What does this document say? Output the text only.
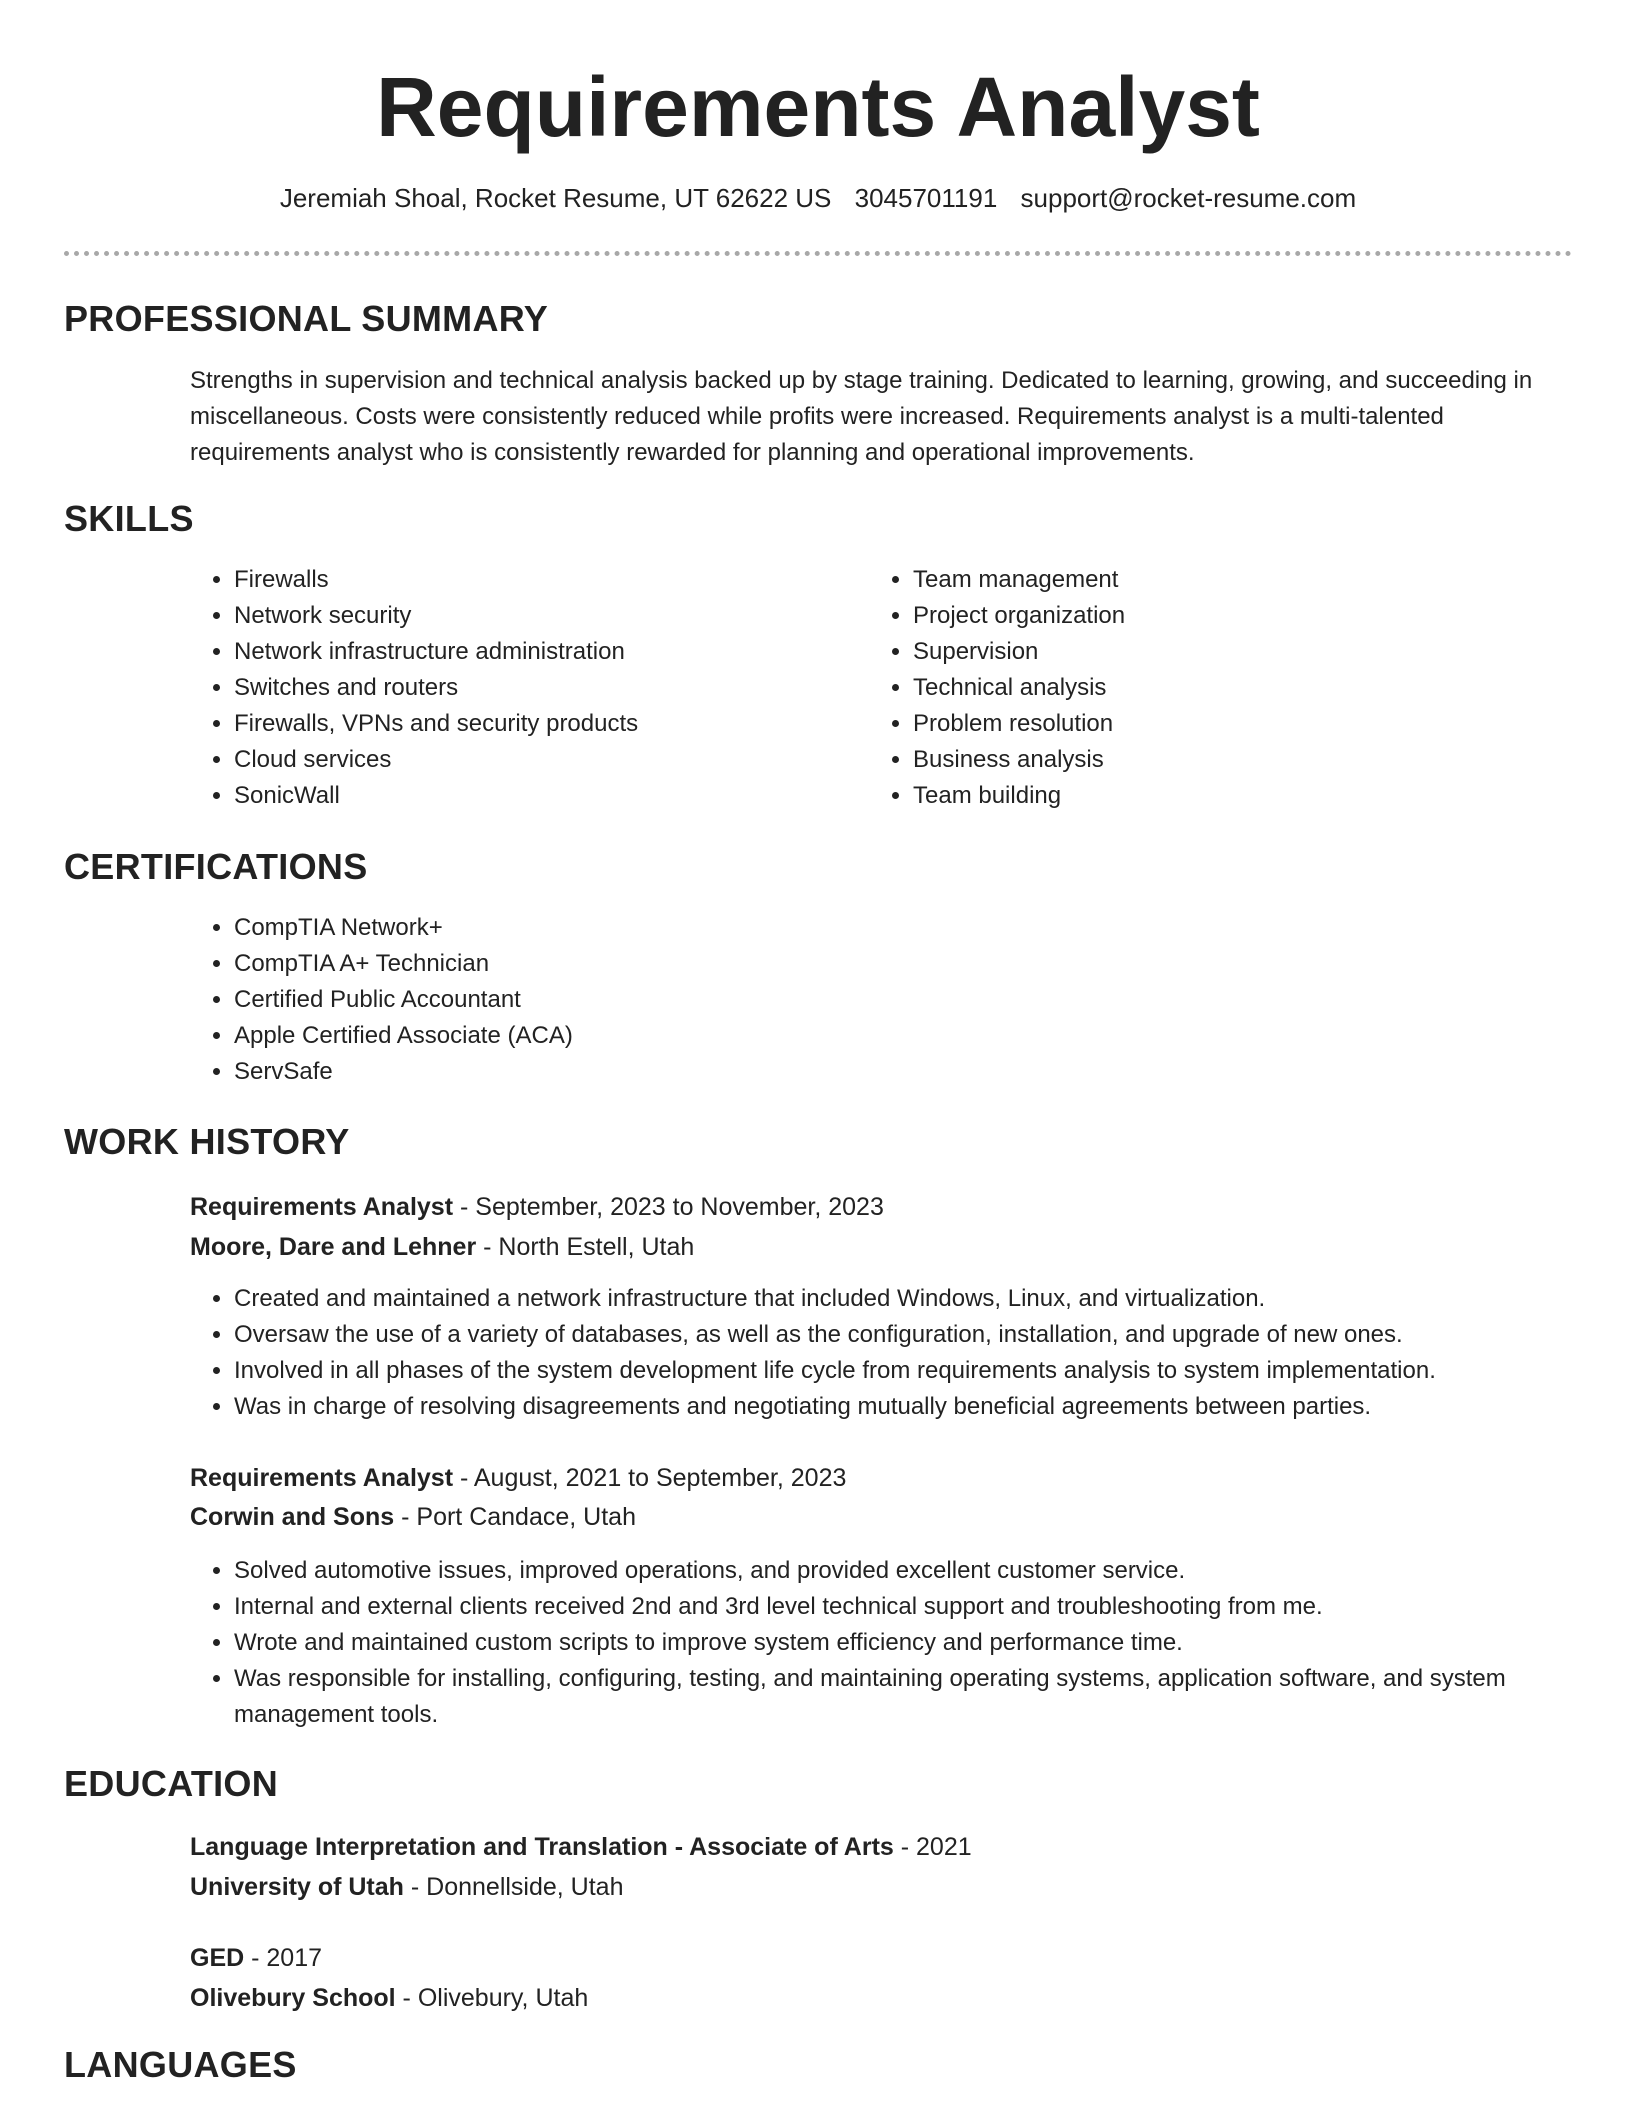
Requirements Analyst
Jeremiah Shoal, Rocket Resume, UT 62622 US 3045701191 support@rocket-resume.com
PROFESSIONAL SUMMARY

Strengths in supervision and technical analysis backed up by stage training. Dedicated to learning, growing, and succeeding in miscellaneous. Costs were consistently reduced while profits were increased. Requirements analyst is a multi-talented requirements analyst who is consistently rewarded for planning and operational improvements.

SKILLS
• Firewalls
• Network security
• Network infrastructure administration
• Switches and routers
• Firewalls, VPNs and security products
• Cloud services
• SonicWall
• Team management
• Project organization
• Supervision
• Technical analysis
• Problem resolution
• Business analysis
• Team building
CERTIFICATIONS
• CompTIA Network+
• CompTIA A+ Technician
• Certified Public Accountant
• Apple Certified Associate (ACA)
• ServSafe
WORK HISTORY
Requirements Analyst - September, 2023 to November, 2023
Moore, Dare and Lehner - North Estell, Utah
• Created and maintained a network infrastructure that included Windows, Linux, and virtualization.
• Oversaw the use of a variety of databases, as well as the configuration, installation, and upgrade of new ones.
• Involved in all phases of the system development life cycle from requirements analysis to system implementation.
• Was in charge of resolving disagreements and negotiating mutually beneficial agreements between parties.
Requirements Analyst - August, 2021 to September, 2023
Corwin and Sons - Port Candace, Utah
• Solved automotive issues, improved operations, and provided excellent customer service.
• Internal and external clients received 2nd and 3rd level technical support and troubleshooting from me.
• Wrote and maintained custom scripts to improve system efficiency and performance time.
• Was responsible for installing, configuring, testing, and maintaining operating systems, application software, and system management tools.
EDUCATION
Language Interpretation and Translation - Associate of Arts - 2021
University of Utah - Donnellside, Utah
GED - 2017
Olivebury School - Olivebury, Utah
LANGUAGES
